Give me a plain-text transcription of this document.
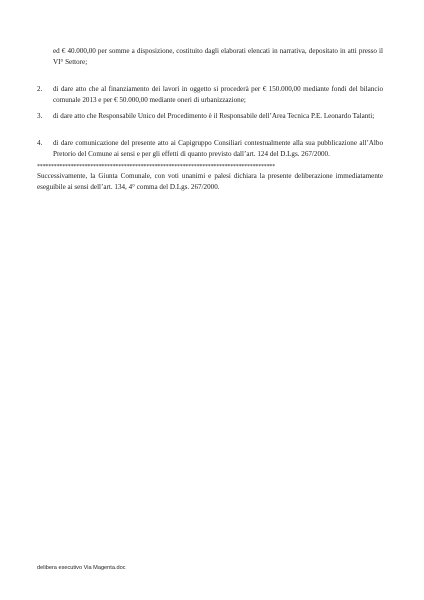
ed € 40.000,00 per somme a disposizione, costituito dagli elaborati elencati in narrativa, depositato in atti presso il VI° Settore;
2.	di dare atto che al finanziamento dei lavori in oggetto si procederà per € 150.000,00 mediante fondi del bilancio comunale 2013 e per € 50.000,00 mediante oneri di urbanizzazione;
3.	di dare atto che Responsabile Unico del Procedimento è il Responsabile dell’Area Tecnica P.E. Leonardo Talanti;
4.	di dare comunicazione del presente atto ai Capigruppo Consiliari contestualmente alla sua pubblicazione all’Albo Pretorio del Comune ai sensi e per gli effetti di quanto previsto dall’art. 124 del D.Lgs. 267/2000.
*************************************************************************************
Successivamente, la Giunta Comunale, con voti unanimi e palesi dichiara la presente deliberazione immediatamente eseguibile ai sensi dell’art. 134, 4° comma del D.Lgs. 267/2000.
delibera esecutivo Via Magenta.doc
